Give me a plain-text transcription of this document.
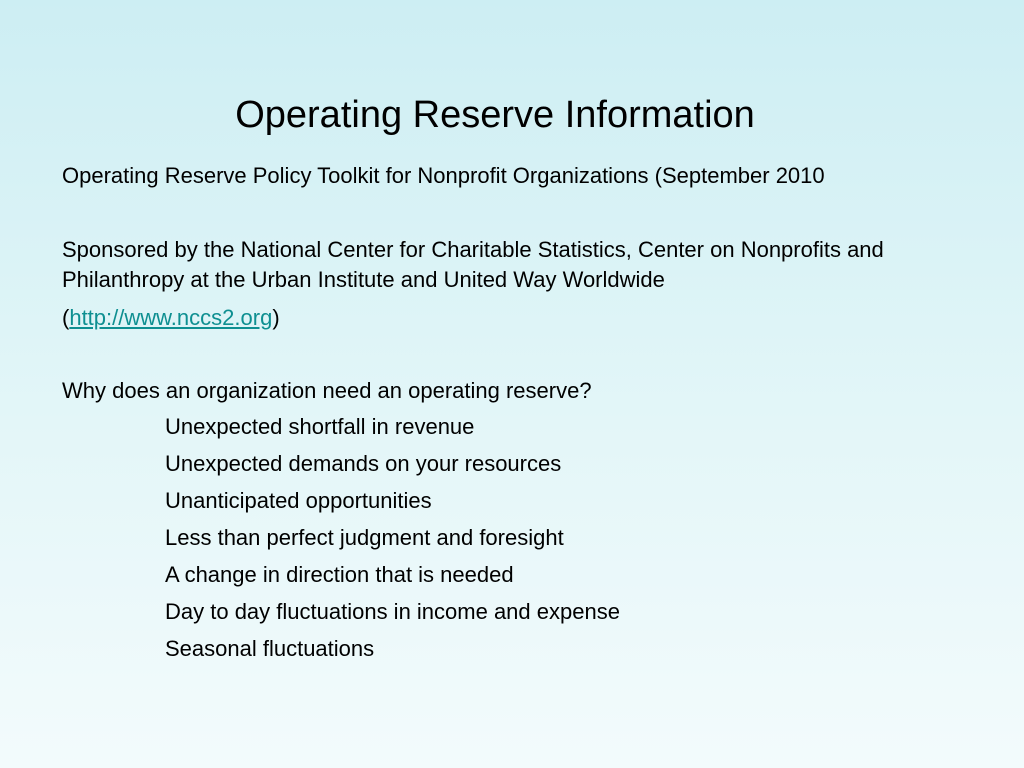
Operating Reserve Information
Operating Reserve Policy Toolkit for Nonprofit Organizations (September 2010
Sponsored by the National Center for Charitable Statistics, Center on Nonprofits and Philanthropy at the Urban Institute and United Way Worldwide
(http://www.nccs2.org)
Why does an organization need an operating reserve?
Unexpected shortfall in revenue
Unexpected demands on your resources
Unanticipated opportunities
Less than perfect judgment and foresight
A change in direction that is needed
Day to day fluctuations in income and expense
Seasonal fluctuations
